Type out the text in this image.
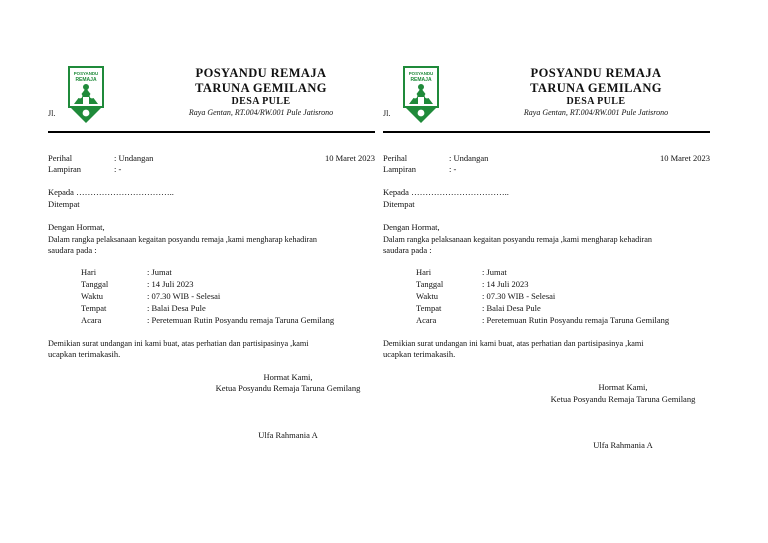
POSYANDU
REMAJA
Jl.
POSYANDU REMAJA
TARUNA GEMILANG
DESA PULE
Raya Gentan, RT.004/RW.001 Pule Jatisrono
Perihal	: Undangan	10 Maret 2023
Lampiran	: -
Kepada ……………………………..
Ditempat
Dengan Hormat,
Dalam rangka pelaksanaan kegaitan posyandu remaja ,kami mengharap kehadiran
saudara pada :
Hari	: Jumat
Tanggal	: 14 Juli 2023
Waktu	: 07.30 WIB - Selesai
Tempat	: Balai Desa Pule
Acara	: Peretemuan Rutin Posyandu remaja Taruna Gemilang
Demikian surat undangan ini kami buat, atas perhatian dan partisipasinya ,kami
ucapkan terimakasih.
Hormat Kami,
Ketua Posyandu Remaja Taruna Gemilang
Ulfa Rahmania A
POSYANDU
REMAJA
Jl.
POSYANDU REMAJA
TARUNA GEMILANG
DESA PULE
Raya Gentan, RT.004/RW.001 Pule Jatisrono
Perihal	: Undangan	10 Maret 2023
Lampiran	: -
Kepada ……………………………..
Ditempat
Dengan Hormat,
Dalam rangka pelaksanaan kegaitan posyandu remaja ,kami mengharap kehadiran
saudara pada :
Hari	: Jumat
Tanggal	: 14 Juli 2023
Waktu	: 07.30 WIB - Selesai
Tempat	: Balai Desa Pule
Acara	: Peretemuan Rutin Posyandu remaja Taruna Gemilang
Demikian surat undangan ini kami buat, atas perhatian dan partisipasinya ,kami
ucapkan terimakasih.
Hormat Kami,
Ketua Posyandu Remaja Taruna Gemilang
Ulfa Rahmania A
